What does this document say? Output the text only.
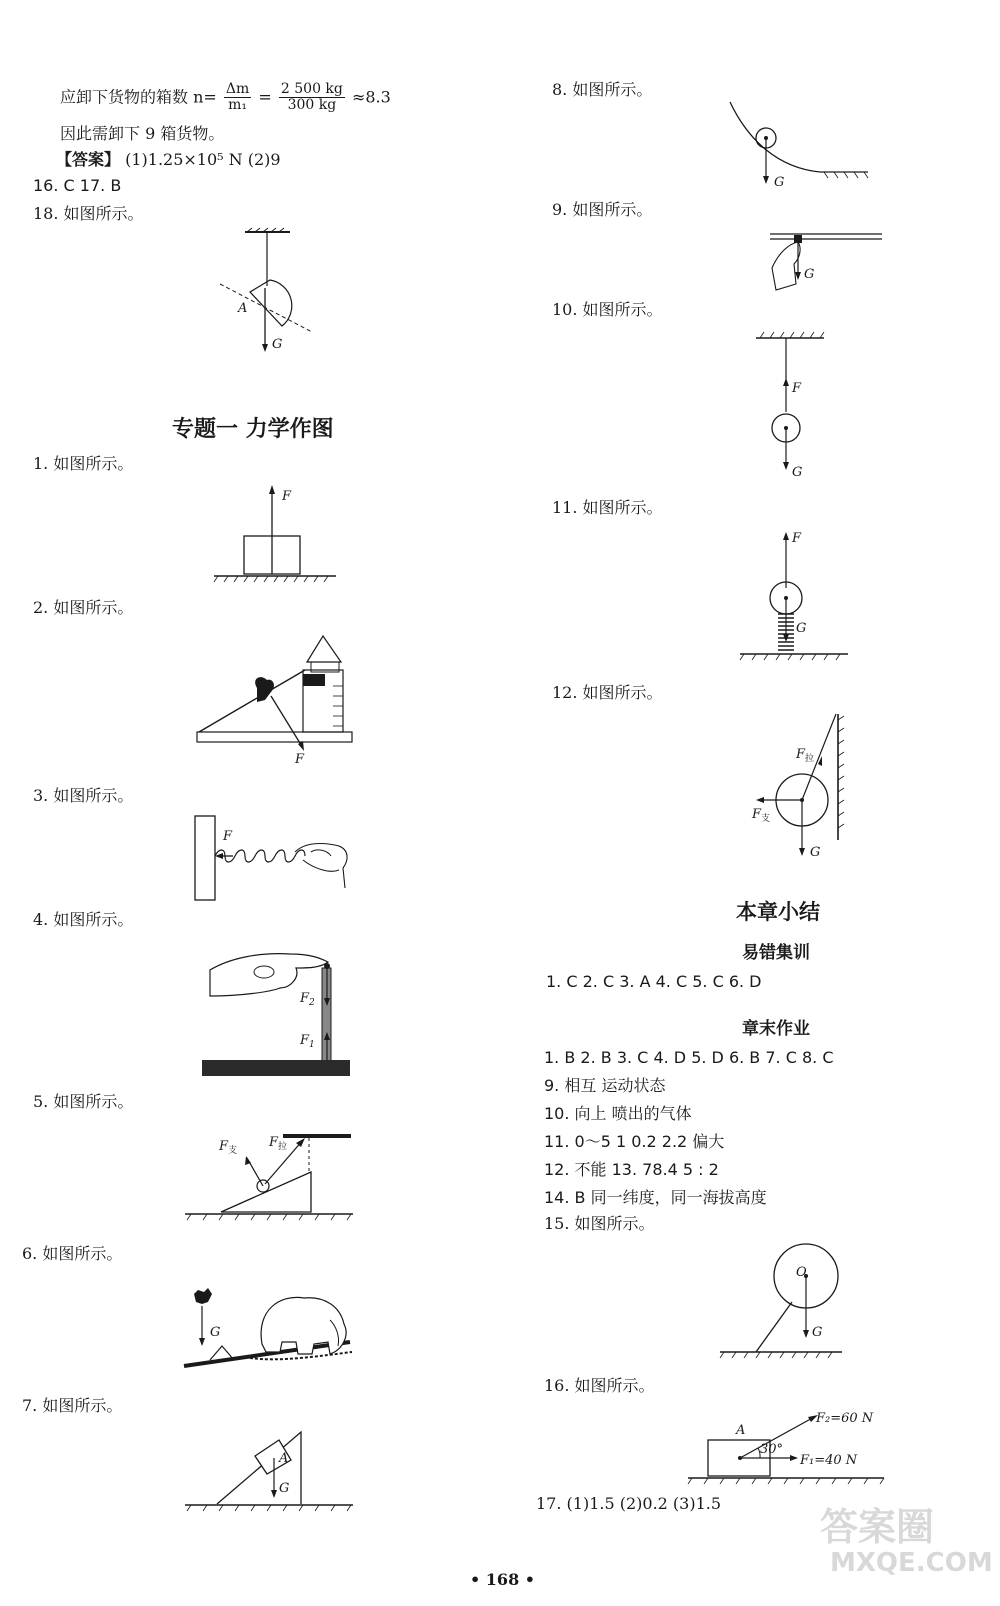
应卸下货物的箱数 $n= \frac{\Delta m}{\text{m₁}} = \frac{2 500 kg}{300 kg} \approx 8.3$
因此需卸下 9 箱货物。
【答案】 (1)1.25×10⁵ N (2)9
16. C 17. B
18. 如图所示。
A
G
专题一 力学作图
1. 如图所示。
F
2. 如图所示。
F
3. 如图所示。
F
4. 如图所示。
$F_2$
$F_1$
5. 如图所示。
$F_支$
$F_拉$
6. 如图所示。
G
7. 如图所示。
A
G
8. 如图所示。
G
9. 如图所示。
G
10. 如图所示。
F
G
11. 如图所示。
F
G
12. 如图所示。
$F_拉$
$F_支$
G
本章小结
易错集训
1. C 2. C 3. A 4. C 5. C 6. D
章末作业
1. B 2. B 3. C 4. D 5. D 6. B 7. C 8. C
9. 相互 运动状态
10. 向上 喷出的气体
11. 0～5 1 0.2 2.2 偏大
12. 不能 13. 78.4 5 : 2
14. B 同一纬度，同一海拔高度
15. 如图所示。
O
G
16. 如图所示。
A
30°
F₂=60 N
F₁=40 N
17. (1)1.5 (2)0.2 (3)1.5
• 168 •
答案圈
MXQE.COM
